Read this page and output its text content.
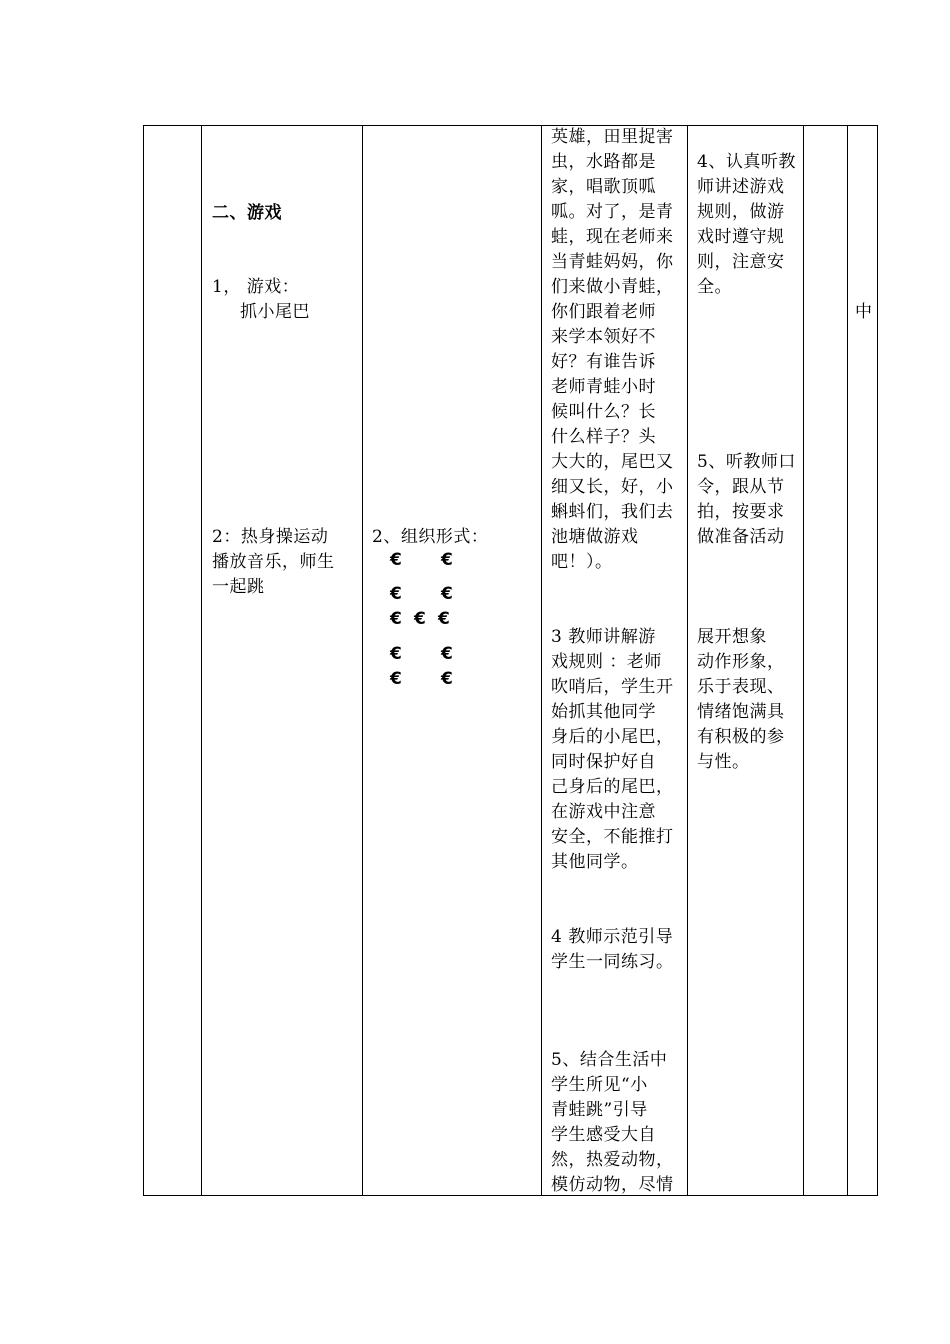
二、游戏
1， 游戏：
抓小尾巴
2：热身操运动
播放音乐，师生
一起跳
2、组织形式：
€ €
€ €
€ € €
€ €
€ €
英雄，田里捉害
虫，水路都是
家，唱歌顶呱
呱。对了，是青
蛙，现在老师来
当青蛙妈妈，你
们来做小青蛙，
你们跟着老师
来学本领好不
好？有谁告诉
老师青蛙小时
候叫什么？长
什么样子？头
大大的，尾巴又
细又长，好，小
蝌蚪们，我们去
池塘做游戏
吧！）。
3 教师讲解游
戏规则 ：老师
吹哨后，学生开
始抓其他同学
身后的小尾巴，
同时保护好自
己身后的尾巴，
在游戏中注意
安全，不能推打
其他同学。
4 教师示范引导
学生一同练习。
5、结合生活中
学生所见“小
青蛙跳”引导
学生感受大自
然，热爱动物，
模仿动物，尽情
4、认真听教
师讲述游戏
规则，做游
戏时遵守规
则，注意安
全。
5、听教师口
令，跟从节
拍，按要求
做准备活动
展开想象
动作形象，
乐于表现、
情绪饱满具
有积极的参
与性。
中
